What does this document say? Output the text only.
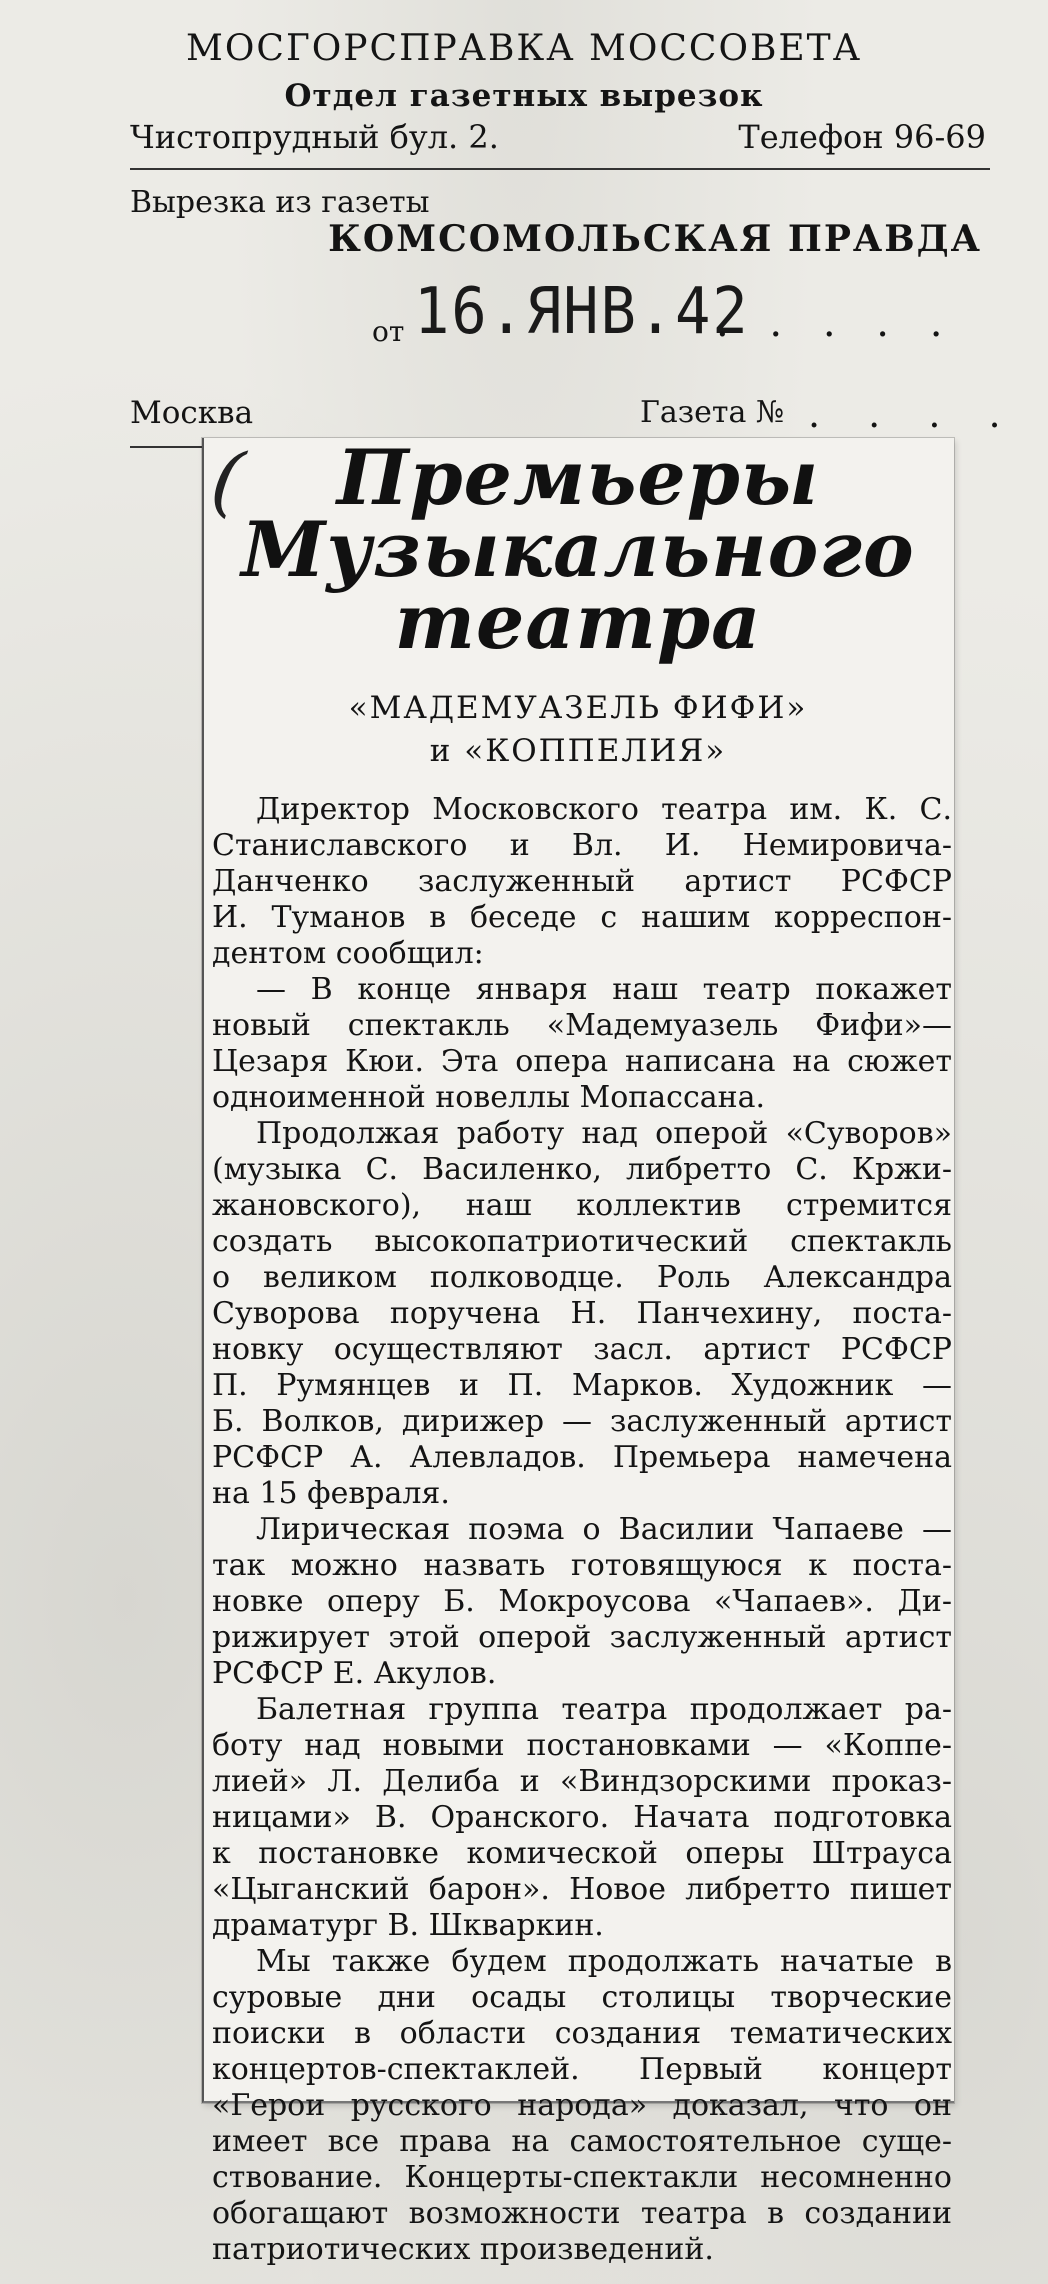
МОСГОРСПРАВКА МОССОВЕТА
Отдел газетных вырезок
Чистопрудный бул. 2.	Телефон 96-69
Вырезка из газеты
КОМСОМОЛЬСКАЯ ПРАВДА
от 16.ЯНВ.42
. . . . .
Москва	Газета № . . . .
(	Премьеры
Музыкального
театра
«МАДЕМУАЗЕЛЬ ФИФИ»
и «КОППЕЛИЯ»
Директор Московского театра им. К. С.
Станиславского и Вл. И. Немировича-
Данченко заслуженный артист РСФСР
И. Туманов в беседе с нашим корреспон-
дентом сообщил:
— В конце января наш театр покажет
новый спектакль «Мадемуазель Фифи»—
Цезаря Кюи. Эта опера написана на сюжет
одноименной новеллы Мопассана.
Продолжая работу над оперой «Суворов»
(музыка С. Василенко, либретто С. Кржи-
жановского), наш коллектив стремится
создать высокопатриотический спектакль
о великом полководце. Роль Александра
Суворова поручена Н. Панчехину, поста-
новку осуществляют засл. артист РСФСР
П. Румянцев и П. Марков. Художник —
Б. Волков, дирижер — заслуженный артист
РСФСР А. Алевладов. Премьера намечена
на 15 февраля.
Лирическая поэма о Василии Чапаеве —
так можно назвать готовящуюся к поста-
новке оперу Б. Мокроусова «Чапаев». Ди-
рижирует этой оперой заслуженный артист
РСФСР Е. Акулов.
Балетная группа театра продолжает ра-
боту над новыми постановками — «Коппе-
лией» Л. Делиба и «Виндзорскими проказ-
ницами» В. Оранского. Начата подготовка
к постановке комической оперы Штрауса
«Цыганский барон». Новое либретто пишет
драматург В. Шкваркин.
Мы также будем продолжать начатые в
суровые дни осады столицы творческие
поиски в области создания тематических
концертов-спектаклей. Первый концерт
«Герои русского народа» доказал, что он
имеет все права на самостоятельное суще-
ствование. Концерты-спектакли несомненно
обогащают возможности театра в создании
патриотических произведений.
